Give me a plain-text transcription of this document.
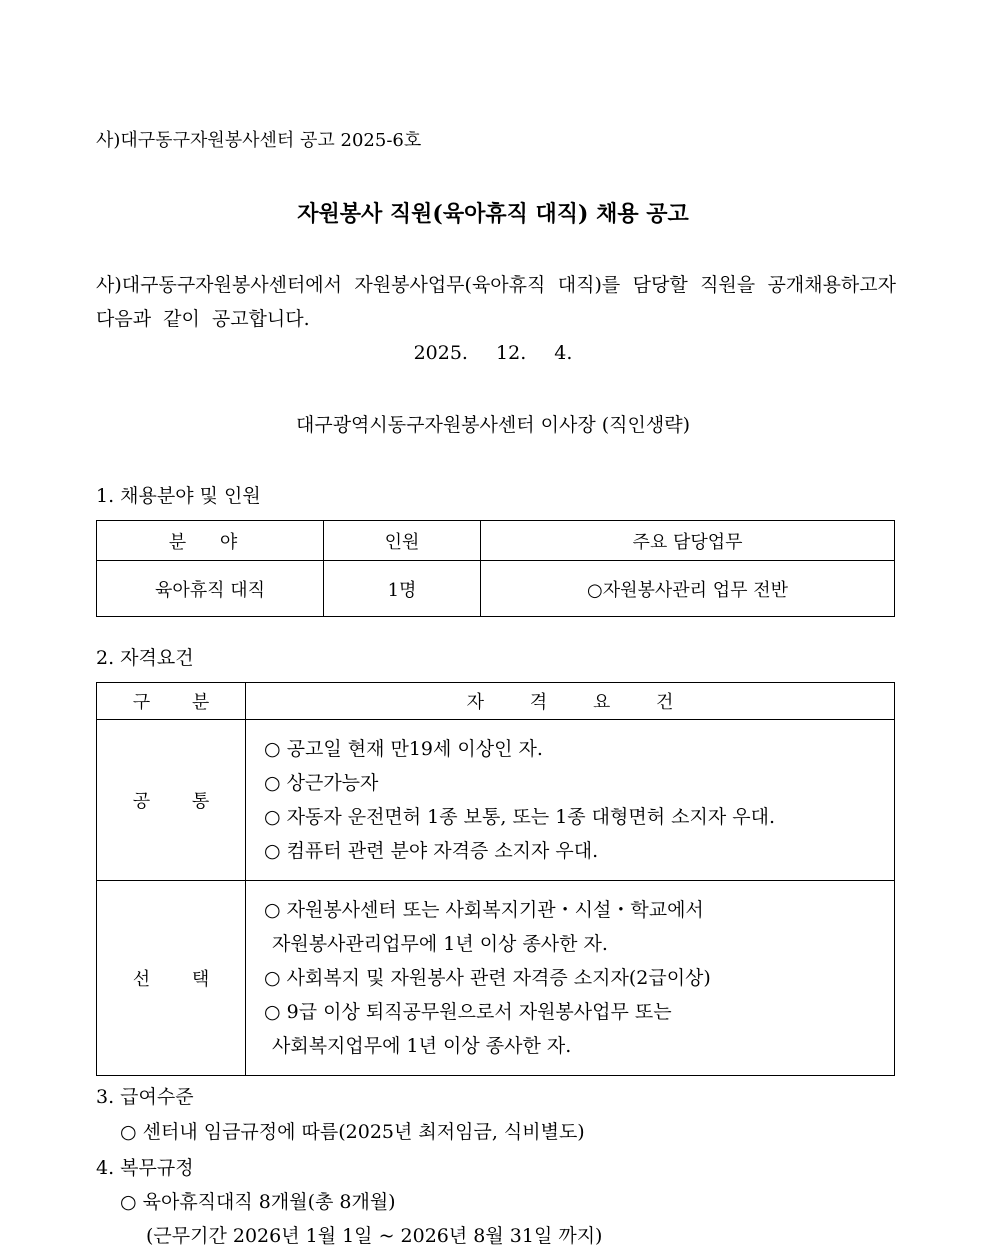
사)대구동구자원봉사센터 공고 2025-6호
자원봉사 직원(육아휴직 대직) 채용 공고
사)대구동구자원봉사센터에서 자원봉사업무(육아휴직 대직)를 담당할 직원을 공개채용하고자 다음과 같이 공고합니다.
2025. 12. 4.
대구광역시동구자원봉사센터 이사장 (직인생략)
1. 채용분야 및 인원
분 야	인원	주요 담당업무
육아휴직 대직	1명	○자원봉사관리 업무 전반
2. 자격요건
구 분	자 격 요 건
공 통	○ 공고일 현재 만19세 이상인 자.
○ 상근가능자
○ 자동자 운전면허 1종 보통, 또는 1종 대형면허 소지자 우대.
○ 컴퓨터 관련 분야 자격증 소지자 우대.

선 택	○ 자원봉사센터 또는 사회복지기관・시설・학교에서
자원봉사관리업무에 1년 이상 종사한 자.
○ 사회복지 및 자원봉사 관련 자격증 소지자(2급이상)
○ 9급 이상 퇴직공무원으로서 자원봉사업무 또는
사회복지업무에 1년 이상 종사한 자.
3. 급여수준
○ 센터내 임금규정에 따름(2025년 최저임금, 식비별도)
4. 복무규정
○ 육아휴직대직 8개월(총 8개월)
(근무기간 2026년 1월 1일 ~ 2026년 8월 31일 까지)
